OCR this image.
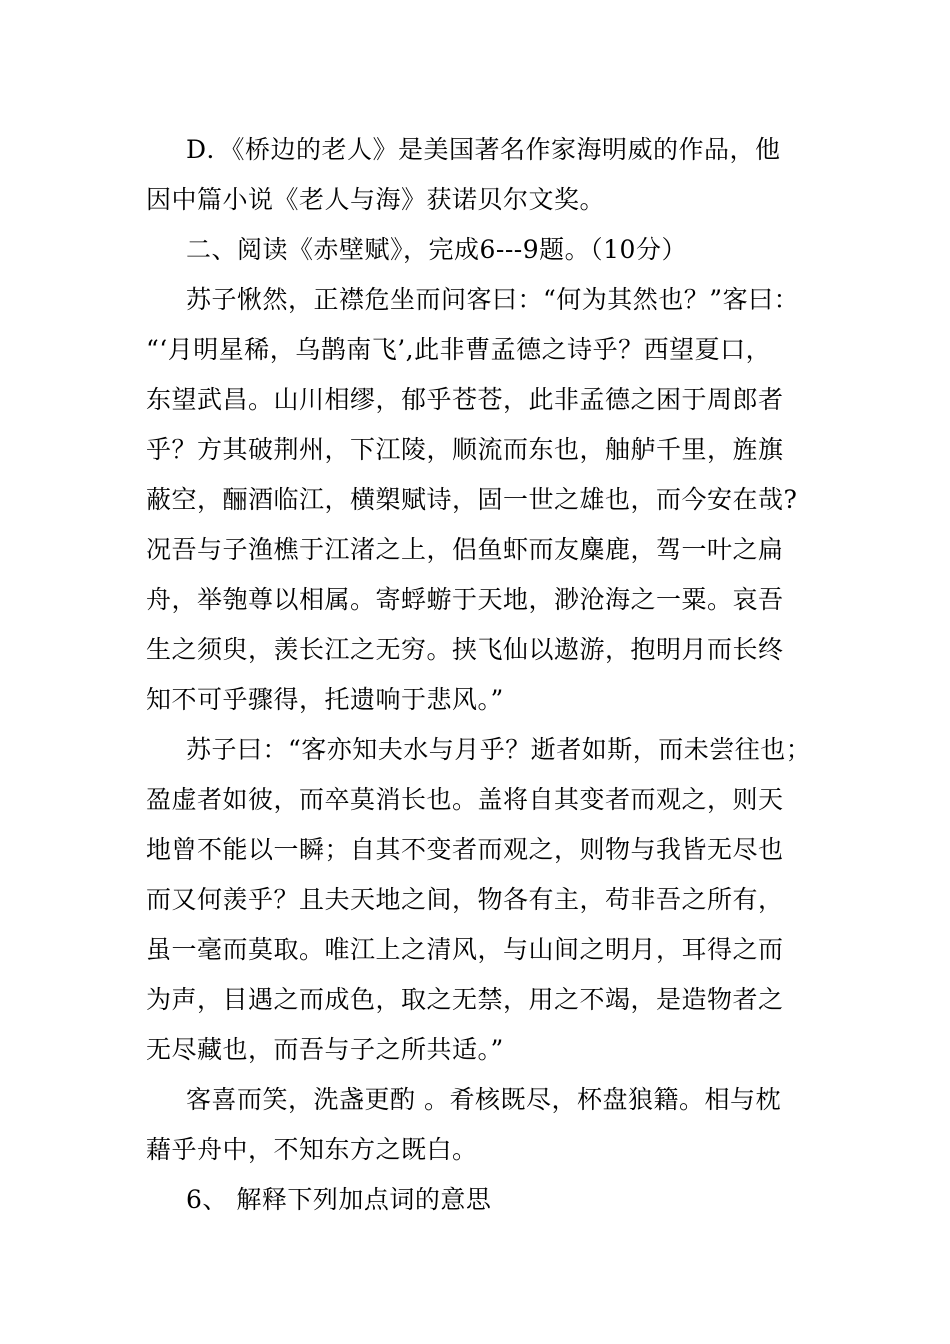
D．《桥边的老人》是美国著名作家海明威的作品，他
因中篇小说《老人与海》获诺贝尔文奖。
二、阅读《赤壁赋》，完成6---9题。（10分）
苏子愀然，正襟危坐而问客曰：“何为其然也？”客曰：
“‘月明星稀，乌鹊南飞’,此非曹孟德之诗乎？西望夏口，
东望武昌。山川相缪，郁乎苍苍，此非孟德之困于周郎者
乎？方其破荆州，下江陵，顺流而东也，舳舻千里，旌旗
蔽空，酾酒临江，横槊赋诗，固一世之雄也，而今安在哉?
况吾与子渔樵于江渚之上，侣鱼虾而友麋鹿，驾一叶之扁
舟，举匏尊以相属。寄蜉蝣于天地，渺沧海之一粟。哀吾
生之须臾，羡长江之无穷。挟飞仙以遨游，抱明月而长终
知不可乎骤得，托遗响于悲风。”
苏子曰：“客亦知夫水与月乎？逝者如斯，而未尝往也；
盈虚者如彼，而卒莫消长也。盖将自其变者而观之，则天
地曾不能以一瞬；自其不变者而观之，则物与我皆无尽也
而又何羡乎？且夫天地之间，物各有主，苟非吾之所有，
虽一毫而莫取。唯江上之清风，与山间之明月，耳得之而
为声，目遇之而成色，取之无禁，用之不竭，是造物者之
无尽藏也，而吾与子之所共适。”
客喜而笑，洗盏更酌 。肴核既尽，杯盘狼籍。相与枕
藉乎舟中，不知东方之既白。
6、 解释下列加点词的意思
